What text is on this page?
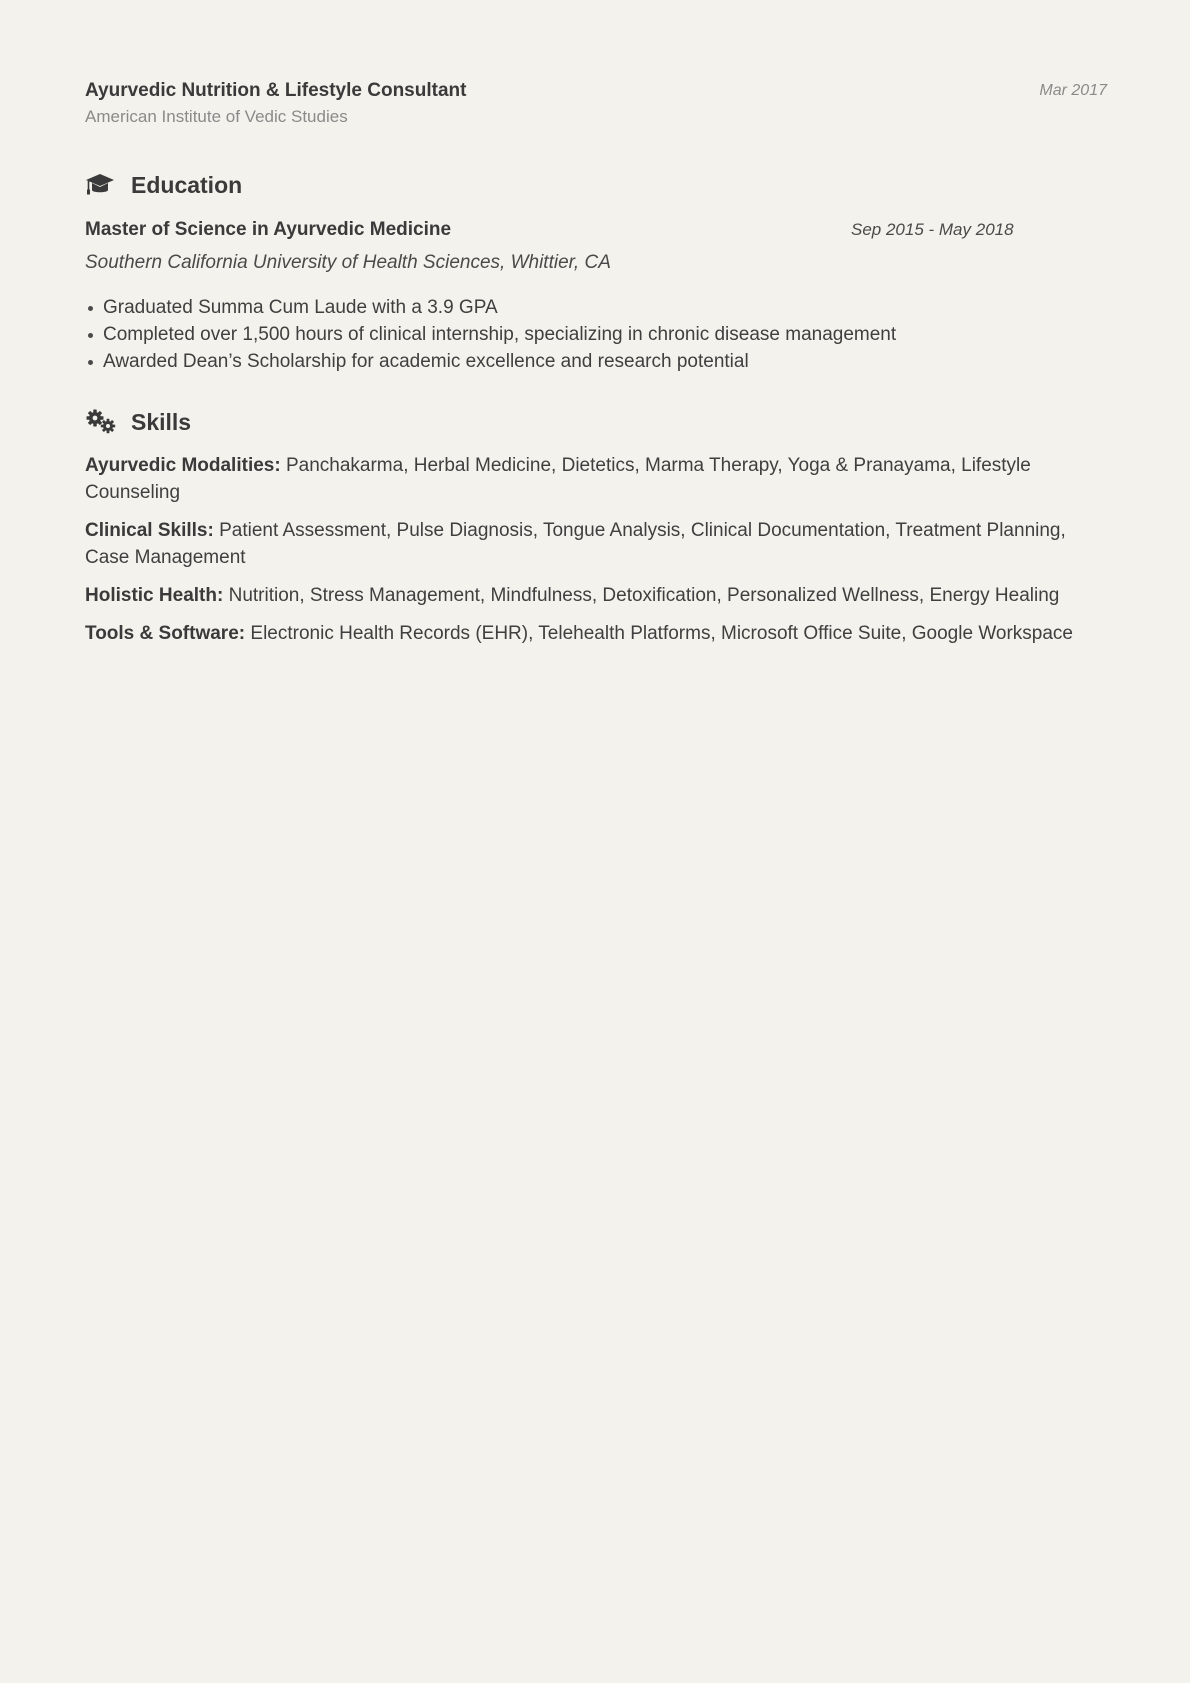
Ayurvedic Nutrition & Lifestyle Consultant
American Institute of Vedic Studies
Mar 2017
Education
Master of Science in Ayurvedic Medicine	Sep 2015 - May 2018
Southern California University of Health Sciences, Whittier, CA
Graduated Summa Cum Laude with a 3.9 GPA
Completed over 1,500 hours of clinical internship, specializing in chronic disease management
Awarded Dean’s Scholarship for academic excellence and research potential
Skills
Ayurvedic Modalities: Panchakarma, Herbal Medicine, Dietetics, Marma Therapy, Yoga & Pranayama, Lifestyle Counseling
Clinical Skills: Patient Assessment, Pulse Diagnosis, Tongue Analysis, Clinical Documentation, Treatment Planning, Case Management
Holistic Health: Nutrition, Stress Management, Mindfulness, Detoxification, Personalized Wellness, Energy Healing
Tools & Software: Electronic Health Records (EHR), Telehealth Platforms, Microsoft Office Suite, Google Workspace
